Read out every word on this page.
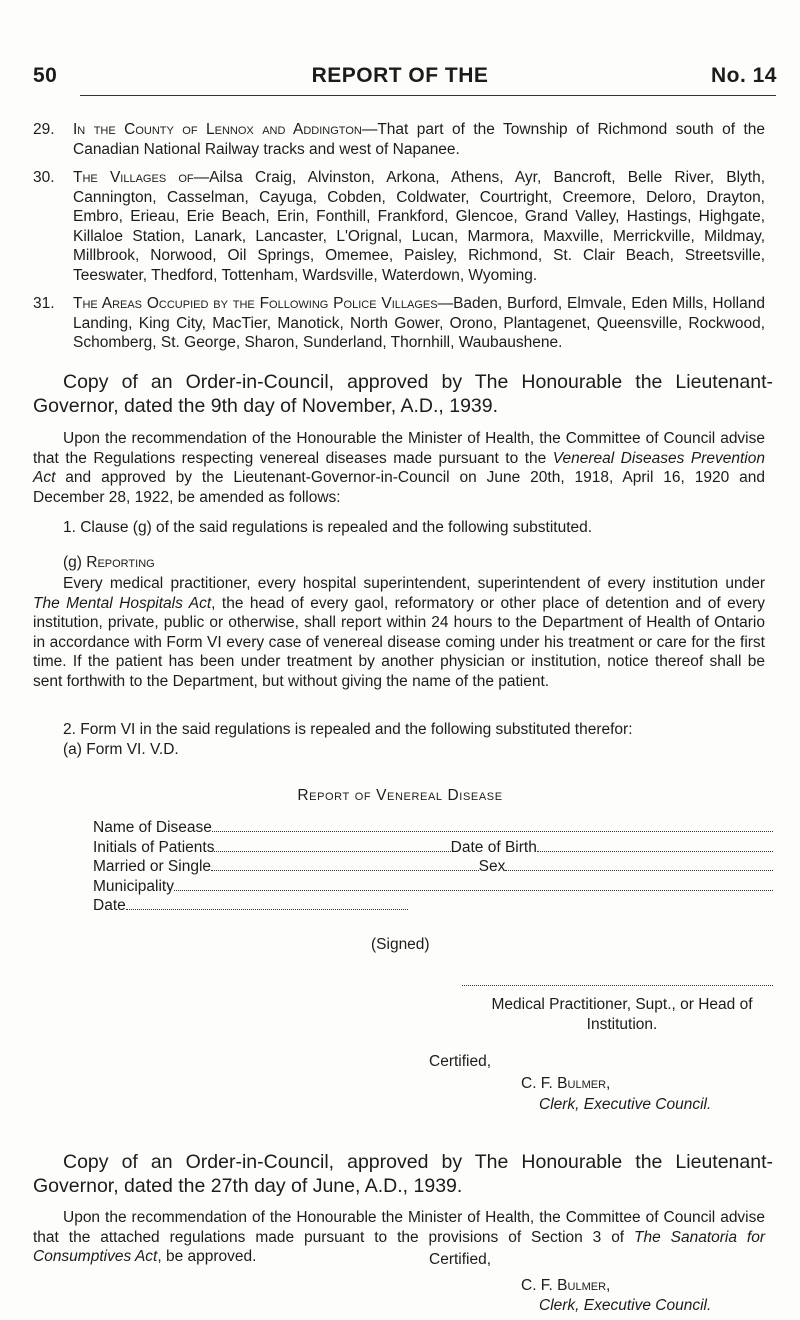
50	REPORT OF THE	No. 14
29. In the County of Lennox and Addington—That part of the Township of Richmond south of the Canadian National Railway tracks and west of Napanee.
30. The Villages of—Ailsa Craig, Alvinston, Arkona, Athens, Ayr, Bancroft, Belle River, Blyth, Cannington, Casselman, Cayuga, Cobden, Coldwater, Courtright, Creemore, Deloro, Drayton, Embro, Erieau, Erie Beach, Erin, Fonthill, Frankford, Glencoe, Grand Valley, Hastings, Highgate, Killaloe Station, Lanark, Lancaster, L'Orignal, Lucan, Marmora, Maxville, Merrickville, Mildmay, Millbrook, Norwood, Oil Springs, Omemee, Paisley, Richmond, St. Clair Beach, Streetsville, Teeswater, Thedford, Tottenham, Wardsville, Waterdown, Wyoming.
31. The Areas Occupied by the Following Police Villages—Baden, Burford, Elmvale, Eden Mills, Holland Landing, King City, MacTier, Manotick, North Gower, Orono, Plantagenet, Queensville, Rockwood, Schomberg, St. George, Sharon, Sunderland, Thornhill, Waubaushene.
Copy of an Order-in-Council, approved by The Honourable the Lieutenant-Governor, dated the 9th day of November, A.D., 1939.
Upon the recommendation of the Honourable the Minister of Health, the Committee of Council advise that the Regulations respecting venereal diseases made pursuant to the Venereal Diseases Prevention Act and approved by the Lieutenant-Governor-in-Council on June 20th, 1918, April 16, 1920 and December 28, 1922, be amended as follows:
1. Clause (g) of the said regulations is repealed and the following substituted.
(g) Reporting
Every medical practitioner, every hospital superintendent, superintendent of every institution under The Mental Hospitals Act, the head of every gaol, reformatory or other place of detention and of every institution, private, public or otherwise, shall report within 24 hours to the Department of Health of Ontario in accordance with Form VI every case of venereal disease coming under his treatment or care for the first time. If the patient has been under treatment by another physician or institution, notice thereof shall be sent forthwith to the Department, but without giving the name of the patient.
2. Form VI in the said regulations is repealed and the following substituted therefor:
(a) Form VI. V.D.
Report of Venereal Disease
Name of Disease
Initials of Patients	Date of Birth
Married or Single	Sex
Municipality
Date
(Signed)
Medical Practitioner, Supt., or Head of Institution.
Certified,
C. F. Bulmer,
Clerk, Executive Council.
Copy of an Order-in-Council, approved by The Honourable the Lieutenant-Governor, dated the 27th day of June, A.D., 1939.
Upon the recommendation of the Honourable the Minister of Health, the Committee of Council advise that the attached regulations made pursuant to the provisions of Section 3 of The Sanatoria for Consumptives Act, be approved.	Certified,
C. F. Bulmer,
Clerk, Executive Council.
